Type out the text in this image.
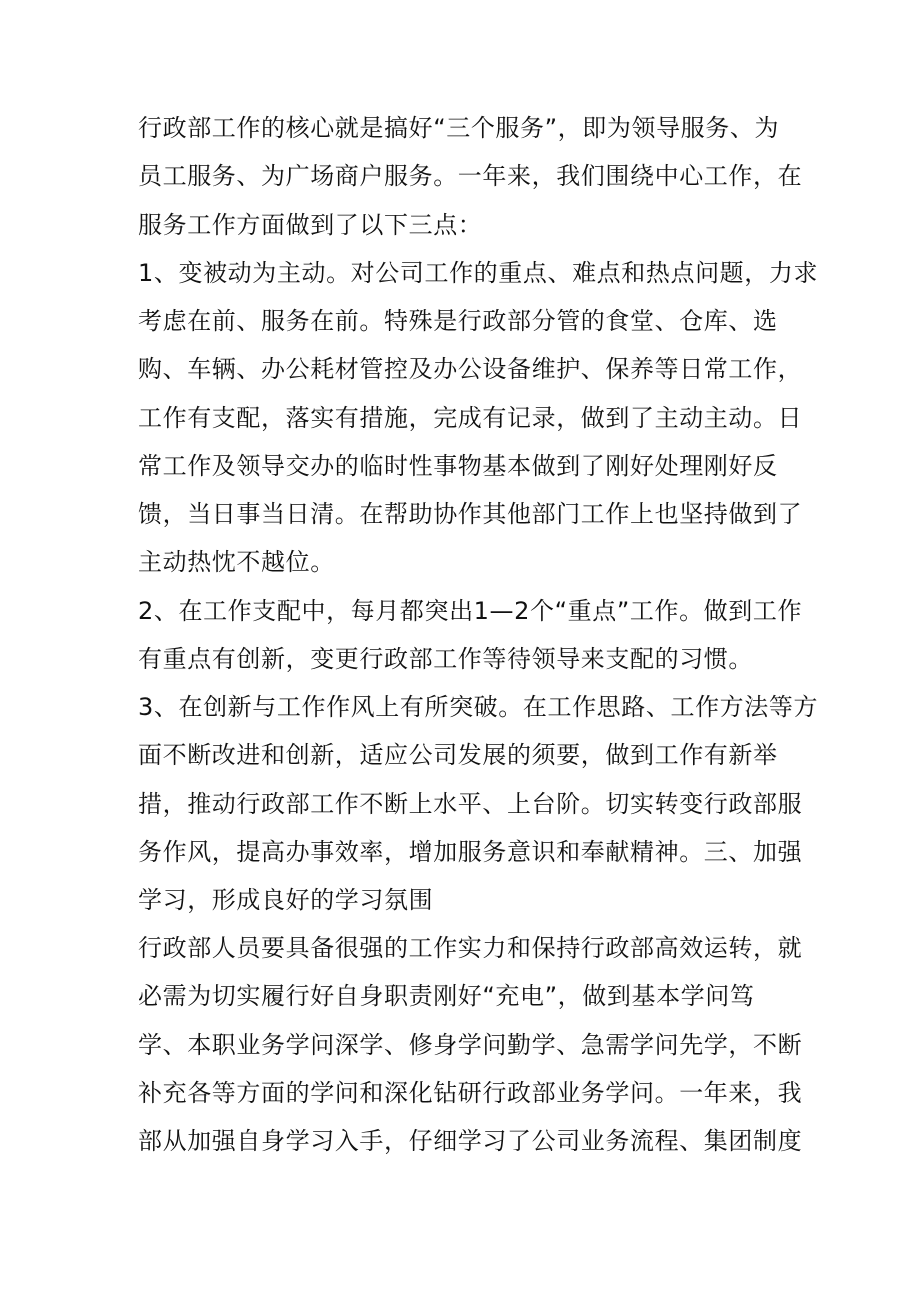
行政部工作的核心就是搞好“三个服务”，即为领导服务、为
员工服务、为广场商户服务。一年来，我们围绕中心工作，在
服务工作方面做到了以下三点：
1、变被动为主动。对公司工作的重点、难点和热点问题，力求
考虑在前、服务在前。特殊是行政部分管的食堂、仓库、选
购、车辆、办公耗材管控及办公设备维护、保养等日常工作，
工作有支配，落实有措施，完成有记录，做到了主动主动。日
常工作及领导交办的临时性事物基本做到了刚好处理刚好反
馈，当日事当日清。在帮助协作其他部门工作上也坚持做到了
主动热忱不越位。
2、在工作支配中，每月都突出1—2个“重点”工作。做到工作
有重点有创新，变更行政部工作等待领导来支配的习惯。
3、在创新与工作作风上有所突破。在工作思路、工作方法等方
面不断改进和创新，适应公司发展的须要，做到工作有新举
措，推动行政部工作不断上水平、上台阶。切实转变行政部服
务作风，提高办事效率，增加服务意识和奉献精神。三、加强
学习，形成良好的学习氛围
行政部人员要具备很强的工作实力和保持行政部高效运转，就
必需为切实履行好自身职责刚好“充电”，做到基本学问笃
学、本职业务学问深学、修身学问勤学、急需学问先学，不断
补充各等方面的学问和深化钻研行政部业务学问。一年来，我
部从加强自身学习入手，仔细学习了公司业务流程、集团制度
